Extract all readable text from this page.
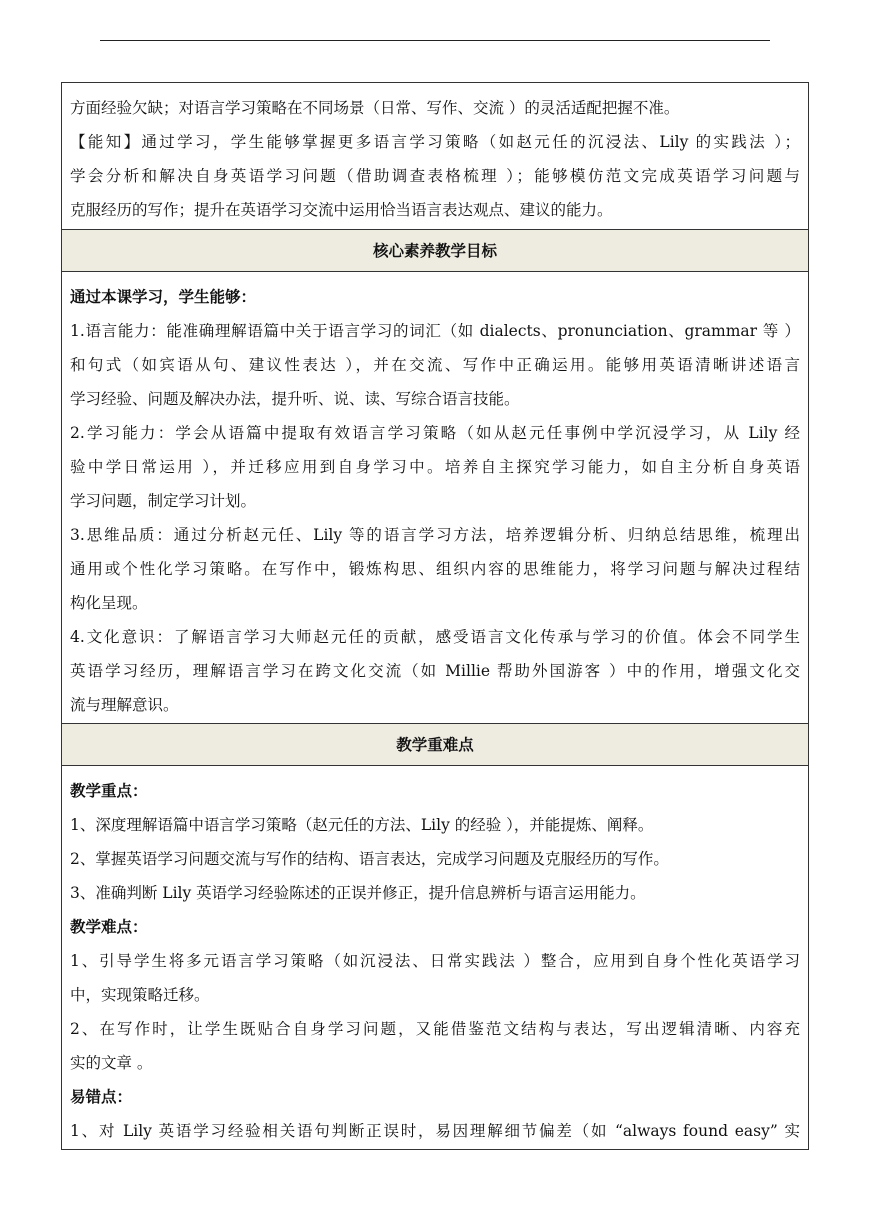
方面经验欠缺；对语言学习策略在不同场景（日常、写作、交流 ）的灵活适配把握不准。
【能知】通过学习，学生能够掌握更多语言学习策略（如赵元任的沉浸法、Lily 的实践法 ）；
学会分析和解决自身英语学习问题（借助调查表格梳理 ）；能够模仿范文完成英语学习问题与
克服经历的写作；提升在英语学习交流中运用恰当语言表达观点、建议的能力。
核心素养教学目标
通过本课学习，学生能够：
1.语言能力：能准确理解语篇中关于语言学习的词汇（如 dialects、pronunciation、grammar 等 ）
和句式（如宾语从句、建议性表达 ），并在交流、写作中正确运用。能够用英语清晰讲述语言
学习经验、问题及解决办法，提升听、说、读、写综合语言技能。
2.学习能力：学会从语篇中提取有效语言学习策略（如从赵元任事例中学沉浸学习，从 Lily 经
验中学日常运用 ），并迁移应用到自身学习中。培养自主探究学习能力，如自主分析自身英语
学习问题，制定学习计划。
3.思维品质：通过分析赵元任、Lily 等的语言学习方法，培养逻辑分析、归纳总结思维，梳理出
通用或个性化学习策略。在写作中，锻炼构思、组织内容的思维能力，将学习问题与解决过程结
构化呈现。
4.文化意识：了解语言学习大师赵元任的贡献，感受语言文化传承与学习的价值。体会不同学生
英语学习经历，理解语言学习在跨文化交流（如 Millie 帮助外国游客 ）中的作用，增强文化交
流与理解意识。
教学重难点
教学重点：
1、深度理解语篇中语言学习策略（赵元任的方法、Lily 的经验 ），并能提炼、阐释。
2、掌握英语学习问题交流与写作的结构、语言表达，完成学习问题及克服经历的写作。
3、准确判断 Lily 英语学习经验陈述的正误并修正，提升信息辨析与语言运用能力。
教学难点：
1、引导学生将多元语言学习策略（如沉浸法、日常实践法 ）整合，应用到自身个性化英语学习
中，实现策略迁移。
2、在写作时，让学生既贴合自身学习问题，又能借鉴范文结构与表达，写出逻辑清晰、内容充
实的文章 。
易错点：
1、对 Lily 英语学习经验相关语句判断正误时，易因理解细节偏差（如 “always found easy” 实
